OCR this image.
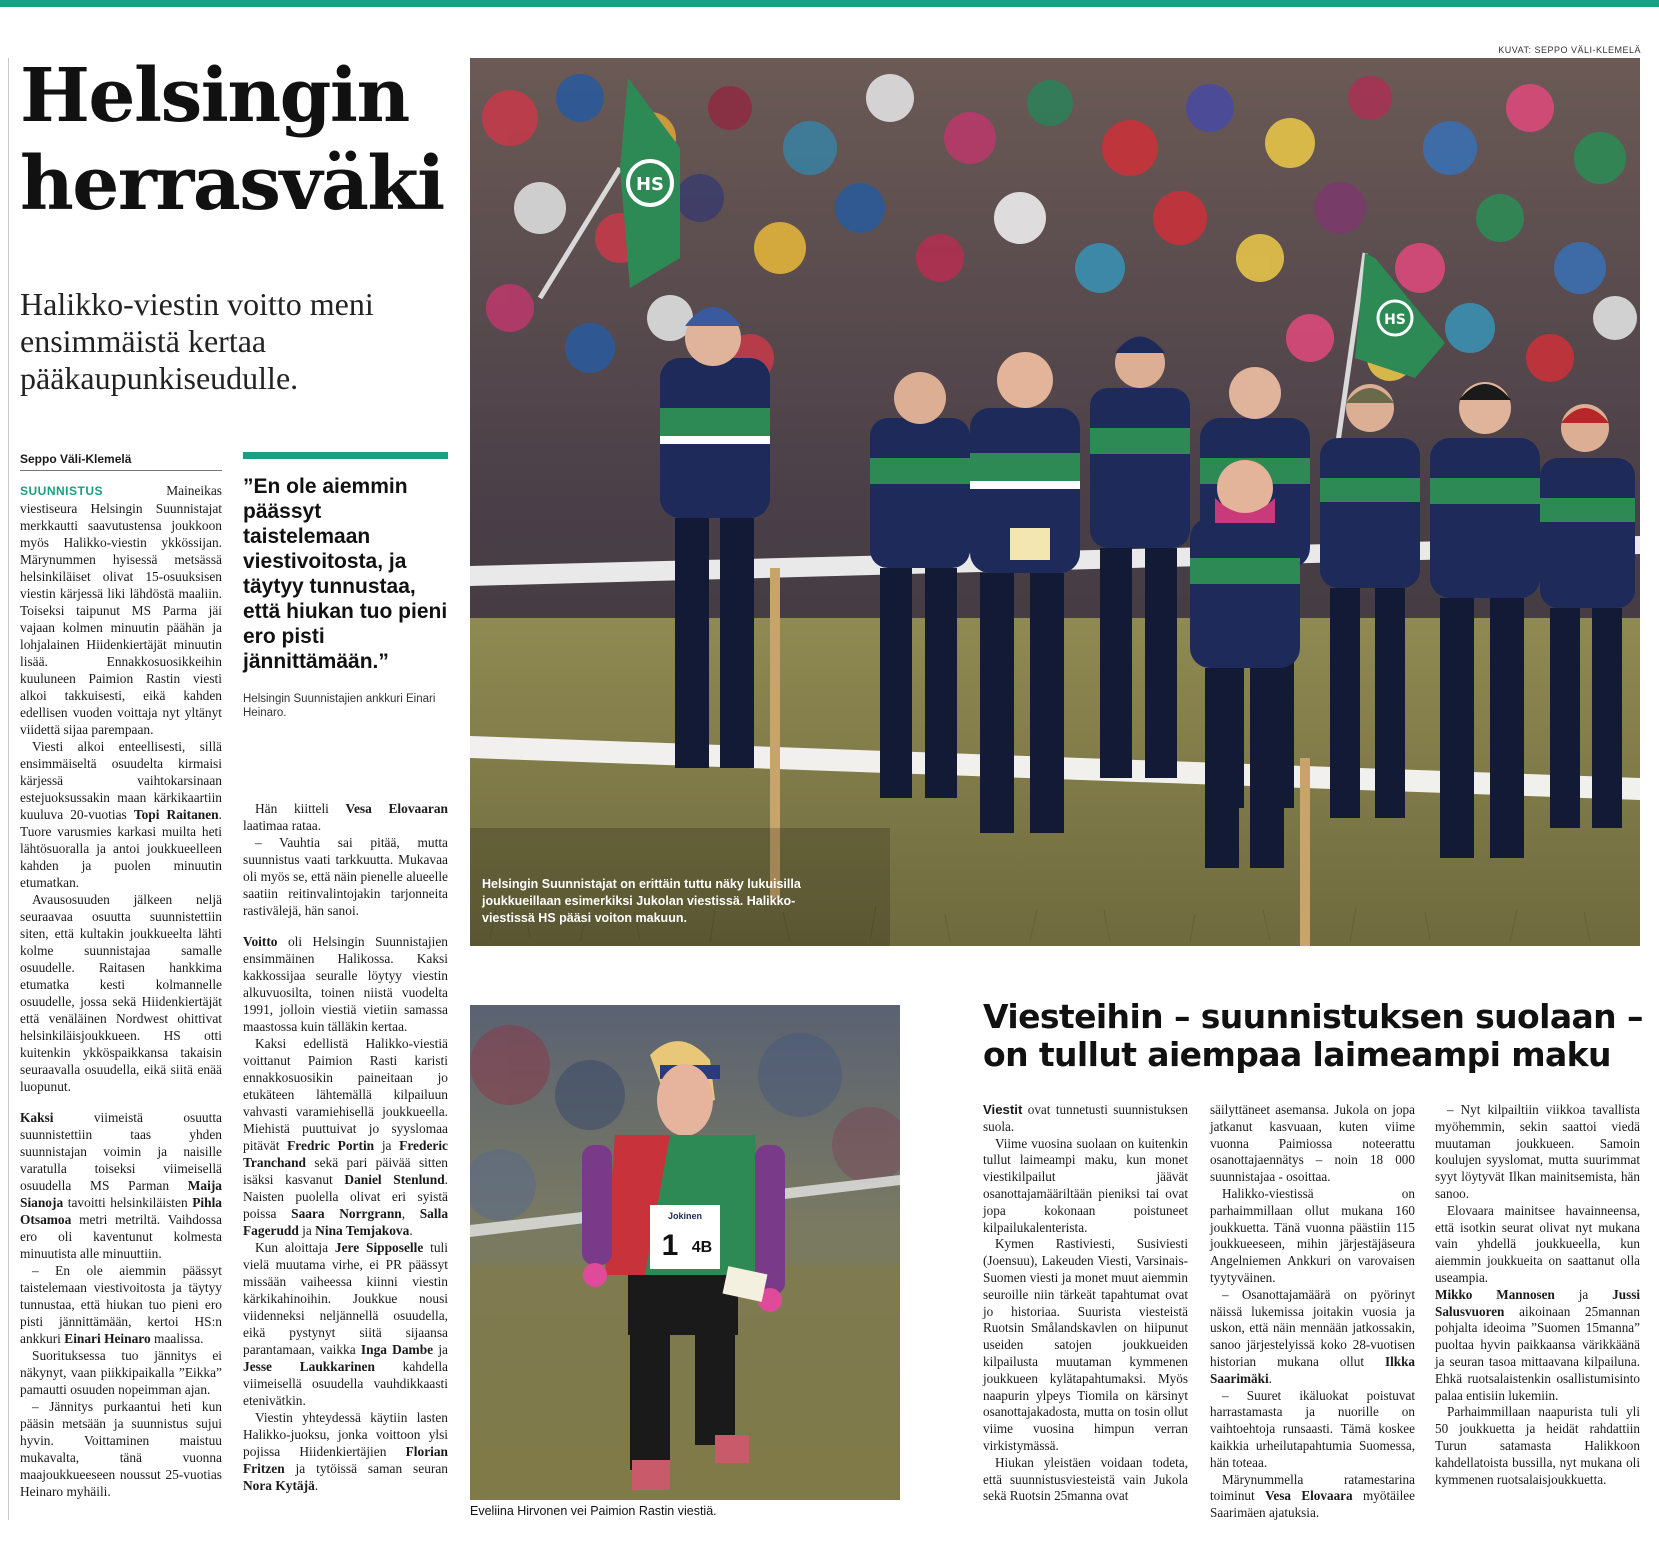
KUVAT: SEPPO VÄLI-KLEMELÄ
Helsingin
herrasväki

Halikko-viestin voitto meni ensimmäistä kertaa pääkaupunkiseudulle.

Seppo Väli-Klemelä

SUUNNISTUS	Maineikas viestiseura Helsingin Suunnistajat merkkautti saavutustensa joukkoon myös Halikko-viestin ykkössijan. Märynummen hyisessä metsässä helsinkiläiset olivat 15-osuuksisen viestin kärjessä liki lähdöstä maaliin. Toiseksi taipunut MS Parma jäi vajaan kolmen minuutin päähän ja lohjalainen Hiidenkiertäjät minuutin lisää. Ennakkosuosikkeihin kuuluneen Paimion Rastin viesti alkoi takkuisesti, eikä kahden edellisen vuoden voittaja nyt yltänyt viidettä sijaa parempaan.

Viesti alkoi enteellisesti, sillä ensimmäiseltä osuudelta kirmaisi kärjessä vaihtokarsinaan estejuoksussakin maan kärkikaartiin kuuluva 20-vuotias Topi Raitanen. Tuore varusmies karkasi muilta heti lähtösuoralla ja antoi joukkueelleen kahden ja puolen minuutin etumatkan.

Avausosuuden jälkeen neljä seuraavaa osuutta suunnistettiin siten, että kultakin joukkueelta lähti kolme suunnistajaa samalle osuudelle. Raitasen hankkima etumatka kesti kolmannelle osuudelle, jossa sekä Hiidenkiertäjät että venäläinen Nordwest ohittivat helsinkiläisjoukkueen. HS otti kuitenkin ykköspaikkansa takaisin seuraavalla osuudella, eikä siitä enää luopunut.

Kaksi viimeistä osuutta suunnistettiin taas yhden suunnistajan voimin ja naisille varatulla toiseksi viimeisellä osuudella MS Parman Maija Sianoja tavoitti helsinkiläisten Pihla Otsamoa metri metriltä. Vaihdossa ero oli kaventunut kolmesta minuutista alle minuuttiin.

– En ole aiemmin päässyt taistelemaan viestivoitosta ja täytyy tunnustaa, että hiukan tuo pieni ero pisti jännittämään, kertoi HS:n ankkuri Einari Heinaro maalissa.

Suorituksessa tuo jännitys ei näkynyt, vaan piikkipaikalla ”Eikka” pamautti osuuden nopeimman ajan.

– Jännitys purkaantui heti kun pääsin metsään ja suunnistus sujui hyvin. Voittaminen maistuu mukavalta, tänä vuonna maajoukkueeseen noussut 25-vuotias Heinaro myhäili.

”En ole aiemmin päässyt taistelemaan viestivoitosta, ja täytyy tunnustaa, että hiukan tuo pieni ero pisti jännittämään.”

Helsingin Suunnistajien ankkuri Einari Heinaro.

Hän kiitteli Vesa Elovaaran laatimaa rataa.

– Vauhtia sai pitää, mutta suunnistus vaati tarkkuutta. Mukavaa oli myös se, että näin pienelle alueelle saatiin reitinvalintojakin tarjonneita rastivälejä, hän sanoi.

Voitto oli Helsingin Suunnistajien ensimmäinen Halikossa. Kaksi kakkossijaa seuralle löytyy viestin alkuvuosilta, toinen niistä vuodelta 1991, jolloin viestiä vietiin samassa maastossa kuin tälläkin kertaa.

Kaksi edellistä Halikko-viestiä voittanut Paimion Rasti karisti ennakkosuosikin paineitaan jo etukäteen lähtemällä kilpailuun vahvasti varamiehisellä joukkueella. Miehistä puuttuivat jo syyslomaa pitävät Fredric Portin ja Frederic Tranchand sekä pari päivää sitten isäksi kasvanut Daniel Stenlund. Naisten puolella olivat eri syistä poissa Saara Norrgrann, Salla Fagerudd ja Nina Temjakova.

Kun aloittaja Jere Sipposelle tuli vielä muutama virhe, ei PR päässyt missään vaiheessa kiinni viestin kärkikahinoihin. Joukkue nousi viidenneksi neljännellä osuudella, eikä pystynyt siitä sijaansa parantamaan, vaikka Inga Dambe ja Jesse Laukkarinen kahdella viimeisellä osuudella vauhdikkaasti etenivätkin.

Viestin yhteydessä käytiin lasten Halikko-juoksu, jonka voittoon ylsi pojissa Hiidenkiertäjien Florian Fritzen ja tytöissä saman seuran Nora Kytäjä.

HS
HS

Helsingin Suunnistajat on erittäin tuttu näky lukuisilla joukkueillaan esimerkiksi Jukolan viestissä. Halikko-viestissä HS pääsi voiton makuun.

Jokinen
1 4B
Eveliina Hirvonen vei Paimion Rastin viestiä.
Viesteihin – suunnistuksen suolaan – on tullut aiempaa laimeampi maku

Viestit ovat tunnetusti suunnistuksen suola.

Viime vuosina suolaan on kuitenkin tullut laimeampi maku, kun monet viestikilpailut jäävät osanottajamääriltään pieniksi tai ovat jopa kokonaan poistuneet kilpailukalenterista.

Kymen Rastiviesti, Susiviesti (Joensuu), Lakeuden Viesti, Varsinais-Suomen viesti ja monet muut aiemmin seuroille niin tärkeät tapahtumat ovat jo historiaa. Suuristа viesteistä Ruotsin Smålandskavlen on hiipunut useiden satojen joukkueiden kilpailusta muutaman kymmenen joukkueen kylätapahtumaksi. Myös naapurin ylpeys Tiomila on kärsinyt osanottajakadosta, mutta on tosin ollut viime vuosina himpun verran virkistymässä.

Hiukan yleistäen voidaan todeta, että suunnistusviesteistä vain Jukola sekä Ruotsin 25manna ovat

säilyttäneet asemansa. Jukola on jopa jatkanut kasvuaan, kuten viime vuonna Paimiossa noteerattu osanottajaennätys – noin 18 000 suunnistajaa - osoittaa.

Halikko-viestissä on parhaimmillaan ollut mukana 160 joukkuetta. Tänä vuonna päästiin 115 joukkueeseen, mihin järjestäjäseura Angelniemen Ankkuri on varovaisen tyytyväinen.

– Osanottajamäärä on pyörinyt näissä lukemissa joitakin vuosia ja uskon, että näin mennään jatkossakin, sanoo järjestelyissä koko 28-vuotisen historian mukana ollut Ilkka Saarimäki.

– Suuret ikäluokat poistuvat harrastamasta ja nuorille on vaihtoehtoja runsaasti. Tämä koskee kaikkia urheilutapahtumia Suomessa, hän toteaa.

Märynummella ratamestarina toiminut Vesa Elovaara myötäilee Saarimäen ajatuksia.

– Nyt kilpailtiin viikkoa tavallista myöhemmin, sekin saattoi viedä muutaman joukkueen. Samoin koulujen syyslomat, mutta suurimmat syyt löytyvät Ilkan mainitsemista, hän sanoo.

Elovaara mainitsee havainneensa, että isotkin seurat olivat nyt mukana vain yhdellä joukkueella, kun aiemmin joukkueita on saattanut olla useampia.

Mikko Mannosen ja Jussi Salusvuoren aikoinaan 25mannan pohjalta ideoima ”Suomen 15manna” puoltaa hyvin paikkaansa värikkäänä ja seuran tasoa mittaavana kilpailuna. Ehkä ruotsalaistenkin osallistumisinto palaa entisiin lukemiin.

Parhaimmillaan naapurista tuli yli 50 joukkuetta ja heidät rahdattiin Turun satamasta Halikkoon kahdellatoista bussilla, nyt mukana oli kymmenen ruotsalaisjoukkuetta.
